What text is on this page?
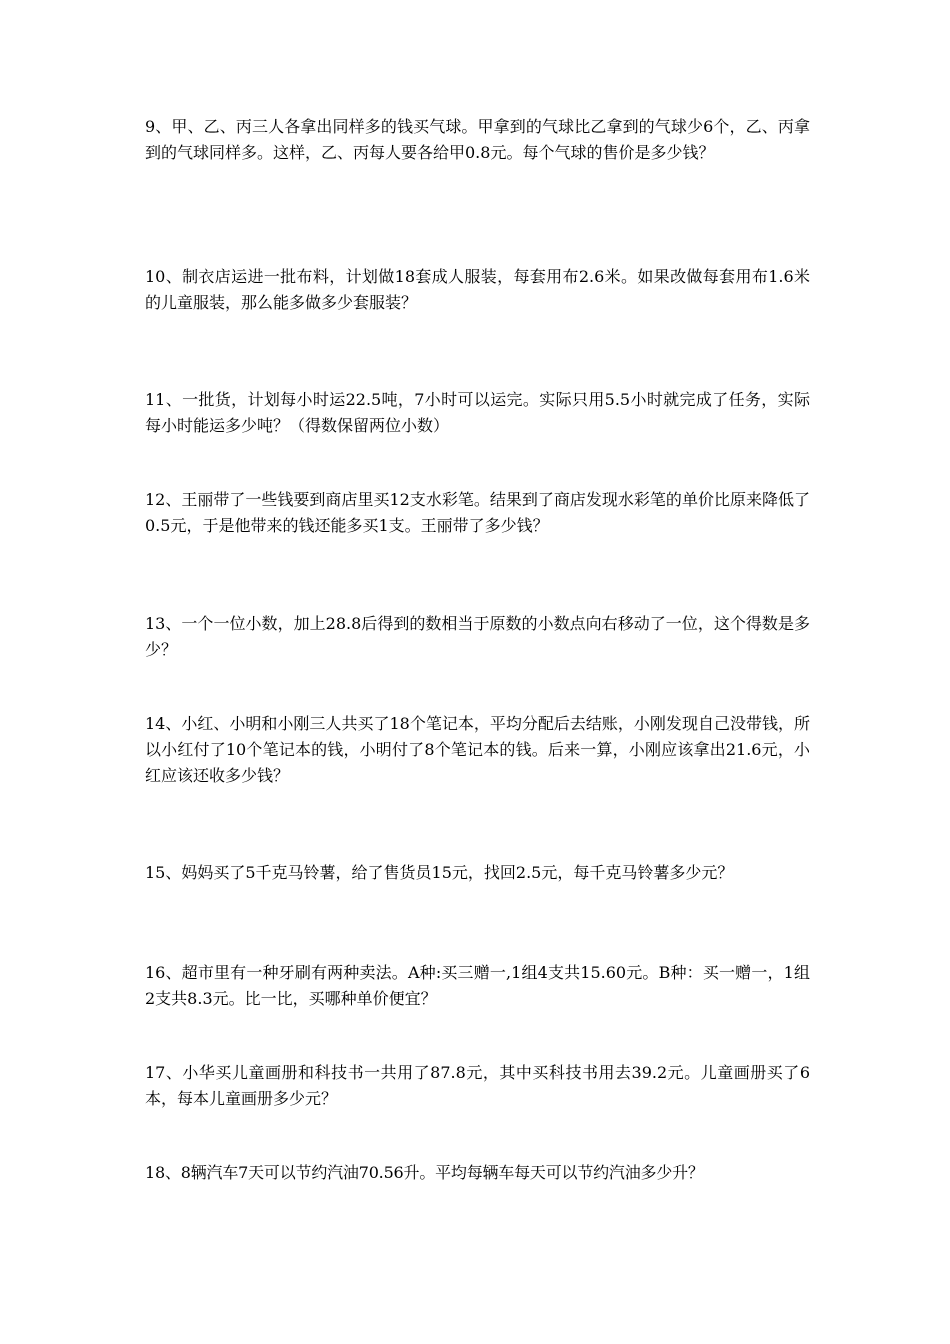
9、甲、乙、丙三人各拿出同样多的钱买气球。甲拿到的气球比乙拿到的气球少6个，乙、丙拿到的气球同样多。这样，乙、丙每人要各给甲0.8元。每个气球的售价是多少钱？

10、制衣店运进一批布料，计划做18套成人服装，每套用布2.6米。如果改做每套用布1.6米的儿童服装，那么能多做多少套服装？

11、一批货，计划每小时运22.5吨，7小时可以运完。实际只用5.5小时就完成了任务，实际每小时能运多少吨？（得数保留两位小数）

12、王丽带了一些钱要到商店里买12支水彩笔。结果到了商店发现水彩笔的单价比原来降低了0.5元，于是他带来的钱还能多买1支。王丽带了多少钱？

13、一个一位小数，加上28.8后得到的数相当于原数的小数点向右移动了一位，这个得数是多少？

14、小红、小明和小刚三人共买了18个笔记本，平均分配后去结账，小刚发现自己没带钱，所以小红付了10个笔记本的钱，小明付了8个笔记本的钱。后来一算，小刚应该拿出21.6元，小红应该还收多少钱？

15、妈妈买了5千克马铃薯，给了售货员15元，找回2.5元，每千克马铃薯多少元？

16、超市里有一种牙刷有两种卖法。A种:买三赠一,1组4支共15.60元。B种：买一赠一，1组2支共8.3元。比一比，买哪种单价便宜？

17、小华买儿童画册和科技书一共用了87.8元，其中买科技书用去39.2元。儿童画册买了6本，每本儿童画册多少元？

18、8辆汽车7天可以节约汽油70.56升。平均每辆车每天可以节约汽油多少升？
